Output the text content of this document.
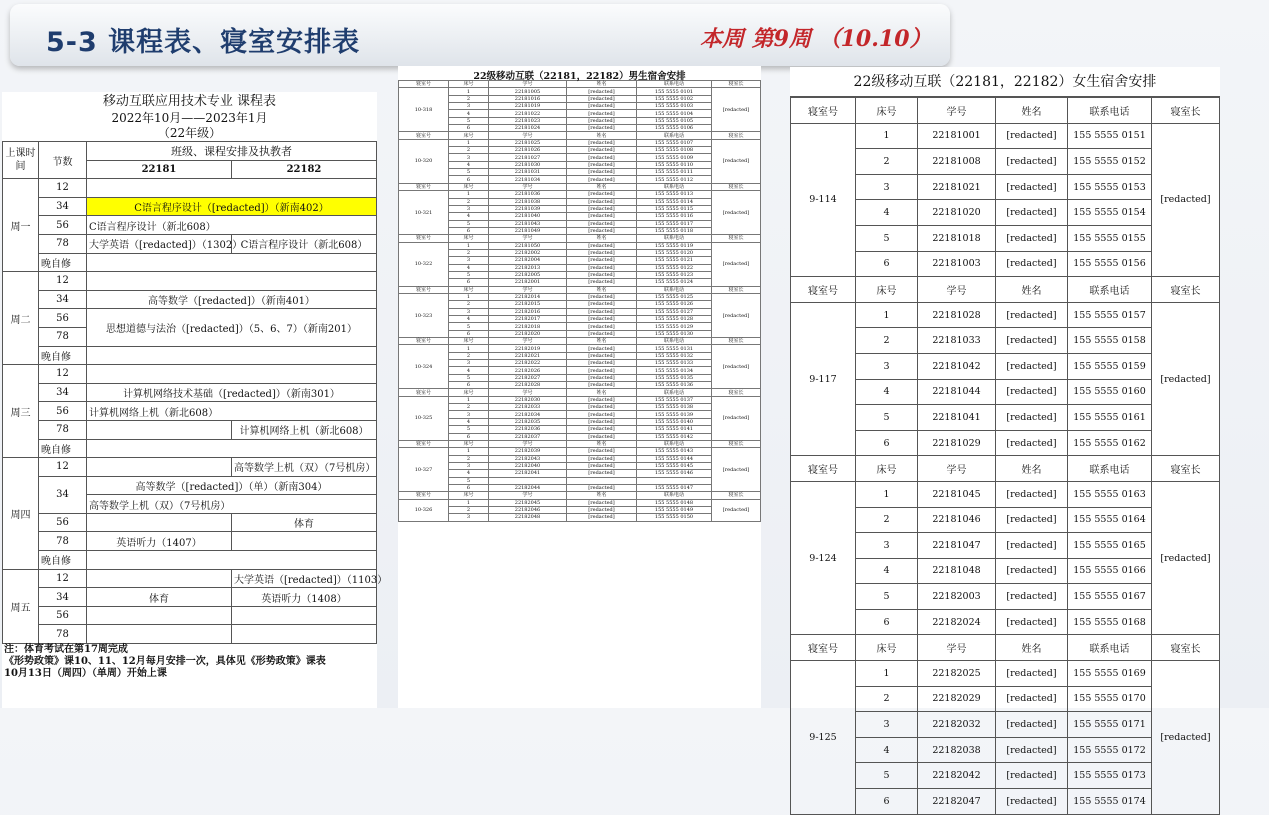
5-3 课程表、寝室安排表	本周 第9周 （10.10）
移动互联应用技术专业 课程表
2022年10月——2023年1月
（22年级）
上课时间	节数	班级、课程安排及执教者	
		22181	22182
周一	12		
	34	C语言程序设计（[redacted]）（新南402）	
	56	C语言程序设计（新北608）	
	78	大学英语（[redacted]）（1302）	C语言程序设计（新北608）
	晚自修		
周二	12		
	34	高等数学（[redacted]）（新南401）	
	56	思想道德与法治（[redacted]）（5、6、7）（新南201）	
	78		
	晚自修		
周三	12		
	34	计算机网络技术基础（[redacted]）（新南301）	
	56	计算机网络上机（新北608）	
	78		计算机网络上机（新北608）
	晚自修		
周四	12		高等数学上机（双）（7号机房）
	34	高等数学（[redacted]）（单）（新南304）	
		高等数学上机（双）（7号机房）	
	56		体育
	78	英语听力（1407）	
	晚自修		
周五	12		大学英语（[redacted]）（1103）
	34	体育	英语听力（1408）
	56		
	78		
注：体育考试在第17周完成
《形势政策》课10、11、12月每月安排一次，具体见《形势政策》课表
10月13日（周四）（单周）开始上课
22级移动互联（22181，22182）男生宿舍安排
寝室号	床号	学号	姓名	联系电话	寝室长
10-318	1	22181005	[redacted]	155 5555 0101	[redacted]
	2	22181016	[redacted]	155 5555 0102	
	3	22181019	[redacted]	155 5555 0103	
	4	22181022	[redacted]	155 5555 0104	
	5	22181023	[redacted]	155 5555 0105	
	6	22181024	[redacted]	155 5555 0106	
寝室号	床号	学号	姓名	联系电话	寝室长
10-320	1	22181025	[redacted]	155 5555 0107	[redacted]
	2	22181026	[redacted]	155 5555 0108	
	3	22181027	[redacted]	155 5555 0109	
	4	22181030	[redacted]	155 5555 0110	
	5	22181031	[redacted]	155 5555 0111	
	6	22181034	[redacted]	155 5555 0112	
寝室号	床号	学号	姓名	联系电话	寝室长
10-321	1	22181036	[redacted]	155 5555 0113	[redacted]
	2	22181038	[redacted]	155 5555 0114	
	3	22181039	[redacted]	155 5555 0115	
	4	22181040	[redacted]	155 5555 0116	
	5	22181043	[redacted]	155 5555 0117	
	6	22181049	[redacted]	155 5555 0118	
寝室号	床号	学号	姓名	联系电话	寝室长
10-322	1	22181050	[redacted]	155 5555 0119	[redacted]
	2	22182002	[redacted]	155 5555 0120	
	3	22182004	[redacted]	155 5555 0121	
	4	22182013	[redacted]	155 5555 0122	
	5	22182005	[redacted]	155 5555 0123	
	6	22182001	[redacted]	155 5555 0124	
寝室号	床号	学号	姓名	联系电话	寝室长
10-323	1	22182014	[redacted]	155 5555 0125	[redacted]
	2	22182015	[redacted]	155 5555 0126	
	3	22182016	[redacted]	155 5555 0127	
	4	22182017	[redacted]	155 5555 0128	
	5	22182018	[redacted]	155 5555 0129	
	6	22182020	[redacted]	155 5555 0130	
寝室号	床号	学号	姓名	联系电话	寝室长
10-324	1	22182019	[redacted]	155 5555 0131	[redacted]
	2	22182021	[redacted]	155 5555 0132	
	3	22182022	[redacted]	155 5555 0133	
	4	22182026	[redacted]	155 5555 0134	
	5	22182027	[redacted]	155 5555 0135	
	6	22182028	[redacted]	155 5555 0136	
寝室号	床号	学号	姓名	联系电话	寝室长
10-325	1	22182030	[redacted]	155 5555 0137	[redacted]
	2	22182033	[redacted]	155 5555 0138	
	3	22182034	[redacted]	155 5555 0139	
	4	22182035	[redacted]	155 5555 0140	
	5	22182036	[redacted]	155 5555 0141	
	6	22182037	[redacted]	155 5555 0142	
寝室号	床号	学号	姓名	联系电话	寝室长
10-327	1	22182039	[redacted]	155 5555 0143	[redacted]
	2	22182043	[redacted]	155 5555 0144	
	3	22182040	[redacted]	155 5555 0145	
	4	22182041	[redacted]	155 5555 0146	
	5				
	6	22182044	[redacted]	155 5555 0147	
寝室号	床号	学号	姓名	联系电话	寝室长
10-326	1	22182045	[redacted]	155 5555 0148	[redacted]
	2	22182046	[redacted]	155 5555 0149	
	3	22182048	[redacted]	155 5555 0150	
22级移动互联（22181，22182）女生宿舍安排
寝室号	床号	学号	姓名	联系电话	寝室长
9-114	1	22181001	[redacted]	155 5555 0151	[redacted]
	2	22181008	[redacted]	155 5555 0152	
	3	22181021	[redacted]	155 5555 0153	
	4	22181020	[redacted]	155 5555 0154	
	5	22181018	[redacted]	155 5555 0155	
	6	22181003	[redacted]	155 5555 0156	
寝室号	床号	学号	姓名	联系电话	寝室长
9-117	1	22181028	[redacted]	155 5555 0157	[redacted]
	2	22181033	[redacted]	155 5555 0158	
	3	22181042	[redacted]	155 5555 0159	
	4	22181044	[redacted]	155 5555 0160	
	5	22181041	[redacted]	155 5555 0161	
	6	22181029	[redacted]	155 5555 0162	
寝室号	床号	学号	姓名	联系电话	寝室长
9-124	1	22181045	[redacted]	155 5555 0163	[redacted]
	2	22181046	[redacted]	155 5555 0164	
	3	22181047	[redacted]	155 5555 0165	
	4	22181048	[redacted]	155 5555 0166	
	5	22182003	[redacted]	155 5555 0167	
	6	22182024	[redacted]	155 5555 0168	
寝室号	床号	学号	姓名	联系电话	寝室长
9-125	1	22182025	[redacted]	155 5555 0169	[redacted]
	2	22182029	[redacted]	155 5555 0170	
	3	22182032	[redacted]	155 5555 0171	
	4	22182038	[redacted]	155 5555 0172	
	5	22182042	[redacted]	155 5555 0173	
	6	22182047	[redacted]	155 5555 0174	
